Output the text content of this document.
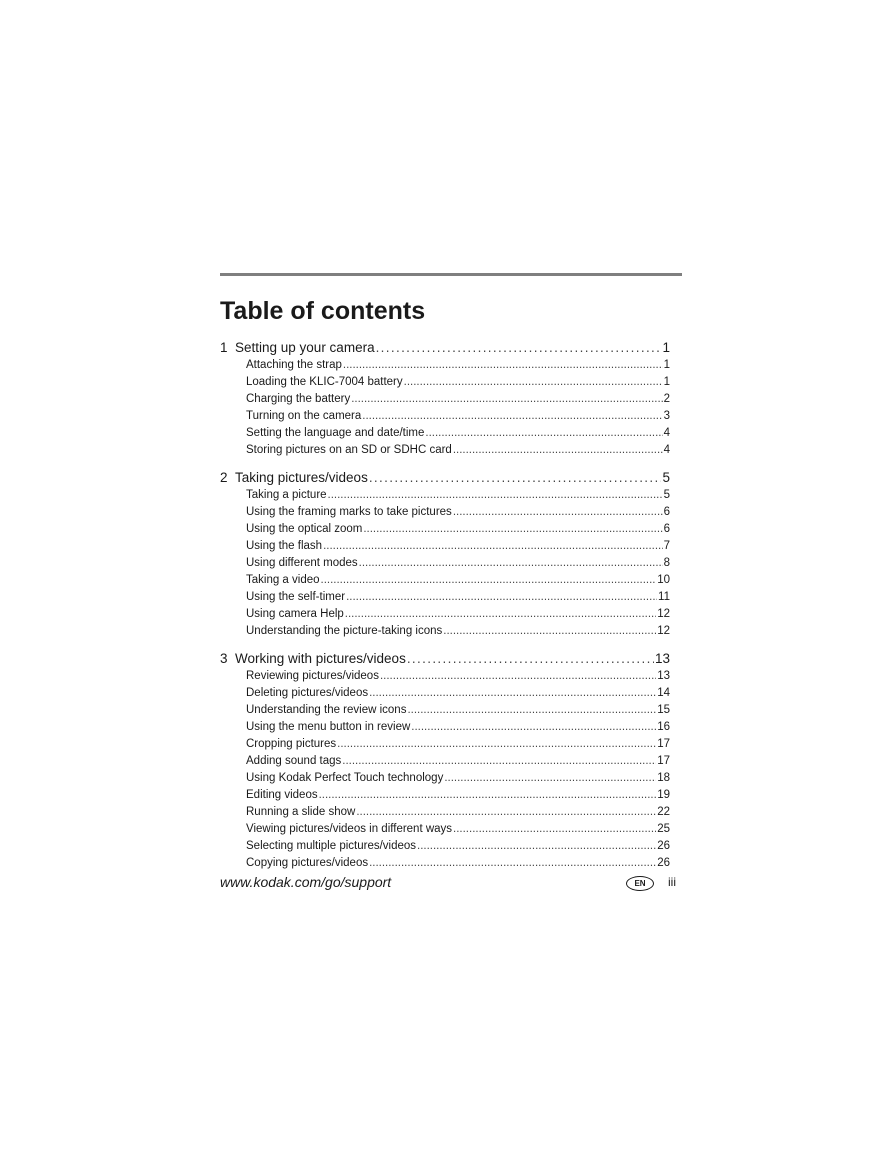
Table of contents
1 Setting up your camera . . .	1
Attaching the strap . . .	1
Loading the KLIC-7004 battery . . .	1
Charging the battery . . .	2
Turning on the camera . . .	3
Setting the language and date/time . . .	4
Storing pictures on an SD or SDHC card . . .	4
2 Taking pictures/videos . . .	5
Taking a picture . . .	5
Using the framing marks to take pictures . . .	6
Using the optical zoom . . .	6
Using the flash . . .	7
Using different modes . . .	8
Taking a video . . .	10
Using the self-timer . . .	11
Using camera Help . . .	12
Understanding the picture-taking icons . . .	12
3 Working with pictures/videos . . .	13
Reviewing pictures/videos . . .	13
Deleting pictures/videos . . .	14
Understanding the review icons . . .	15
Using the menu button in review . . .	16
Cropping pictures . . .	17
Adding sound tags . . .	17
Using Kodak Perfect Touch technology . . .	18
Editing videos . . .	19
Running a slide show . . .	22
Viewing pictures/videos in different ways . . .	25
Selecting multiple pictures/videos . . .	26
Copying pictures/videos . . .	26
www.kodak.com/go/support	EN	iii
